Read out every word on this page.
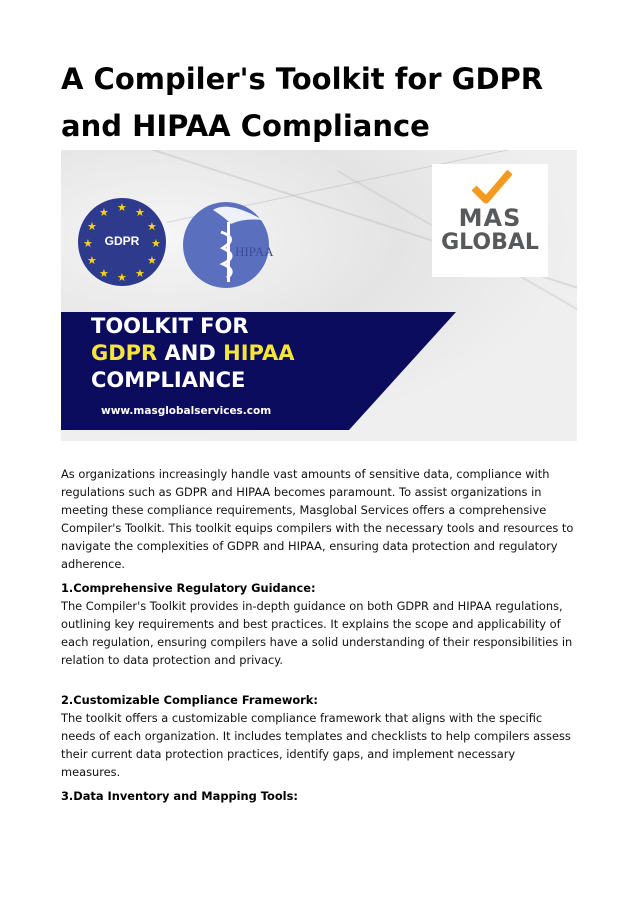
A Compiler's Toolkit for GDPR and HIPAA Compliance
★ ★
★
★
★
★
★
★
★
★
★
★
GDPR
HIPAA
MAS
GLOBAL
TOOLKIT FOR
GDPR AND HIPAA
COMPLIANCE
www.masglobalservices.com

As organizations increasingly handle vast amounts of sensitive data, compliance with regulations such as GDPR and HIPAA becomes paramount. To assist organizations in meeting these compliance requirements, Masglobal Services offers a comprehensive Compiler's Toolkit. This toolkit equips compilers with the necessary tools and resources to navigate the complexities of GDPR and HIPAA, ensuring data protection and regulatory adherence.

1.Comprehensive Regulatory Guidance:

The Compiler's Toolkit provides in-depth guidance on both GDPR and HIPAA regulations, outlining key requirements and best practices. It explains the scope and applicability of each regulation, ensuring compilers have a solid understanding of their responsibilities in relation to data protection and privacy.

2.Customizable Compliance Framework:

The toolkit offers a customizable compliance framework that aligns with the specific needs of each organization. It includes templates and checklists to help compilers assess their current data protection practices, identify gaps, and implement necessary measures.

3.Data Inventory and Mapping Tools:
